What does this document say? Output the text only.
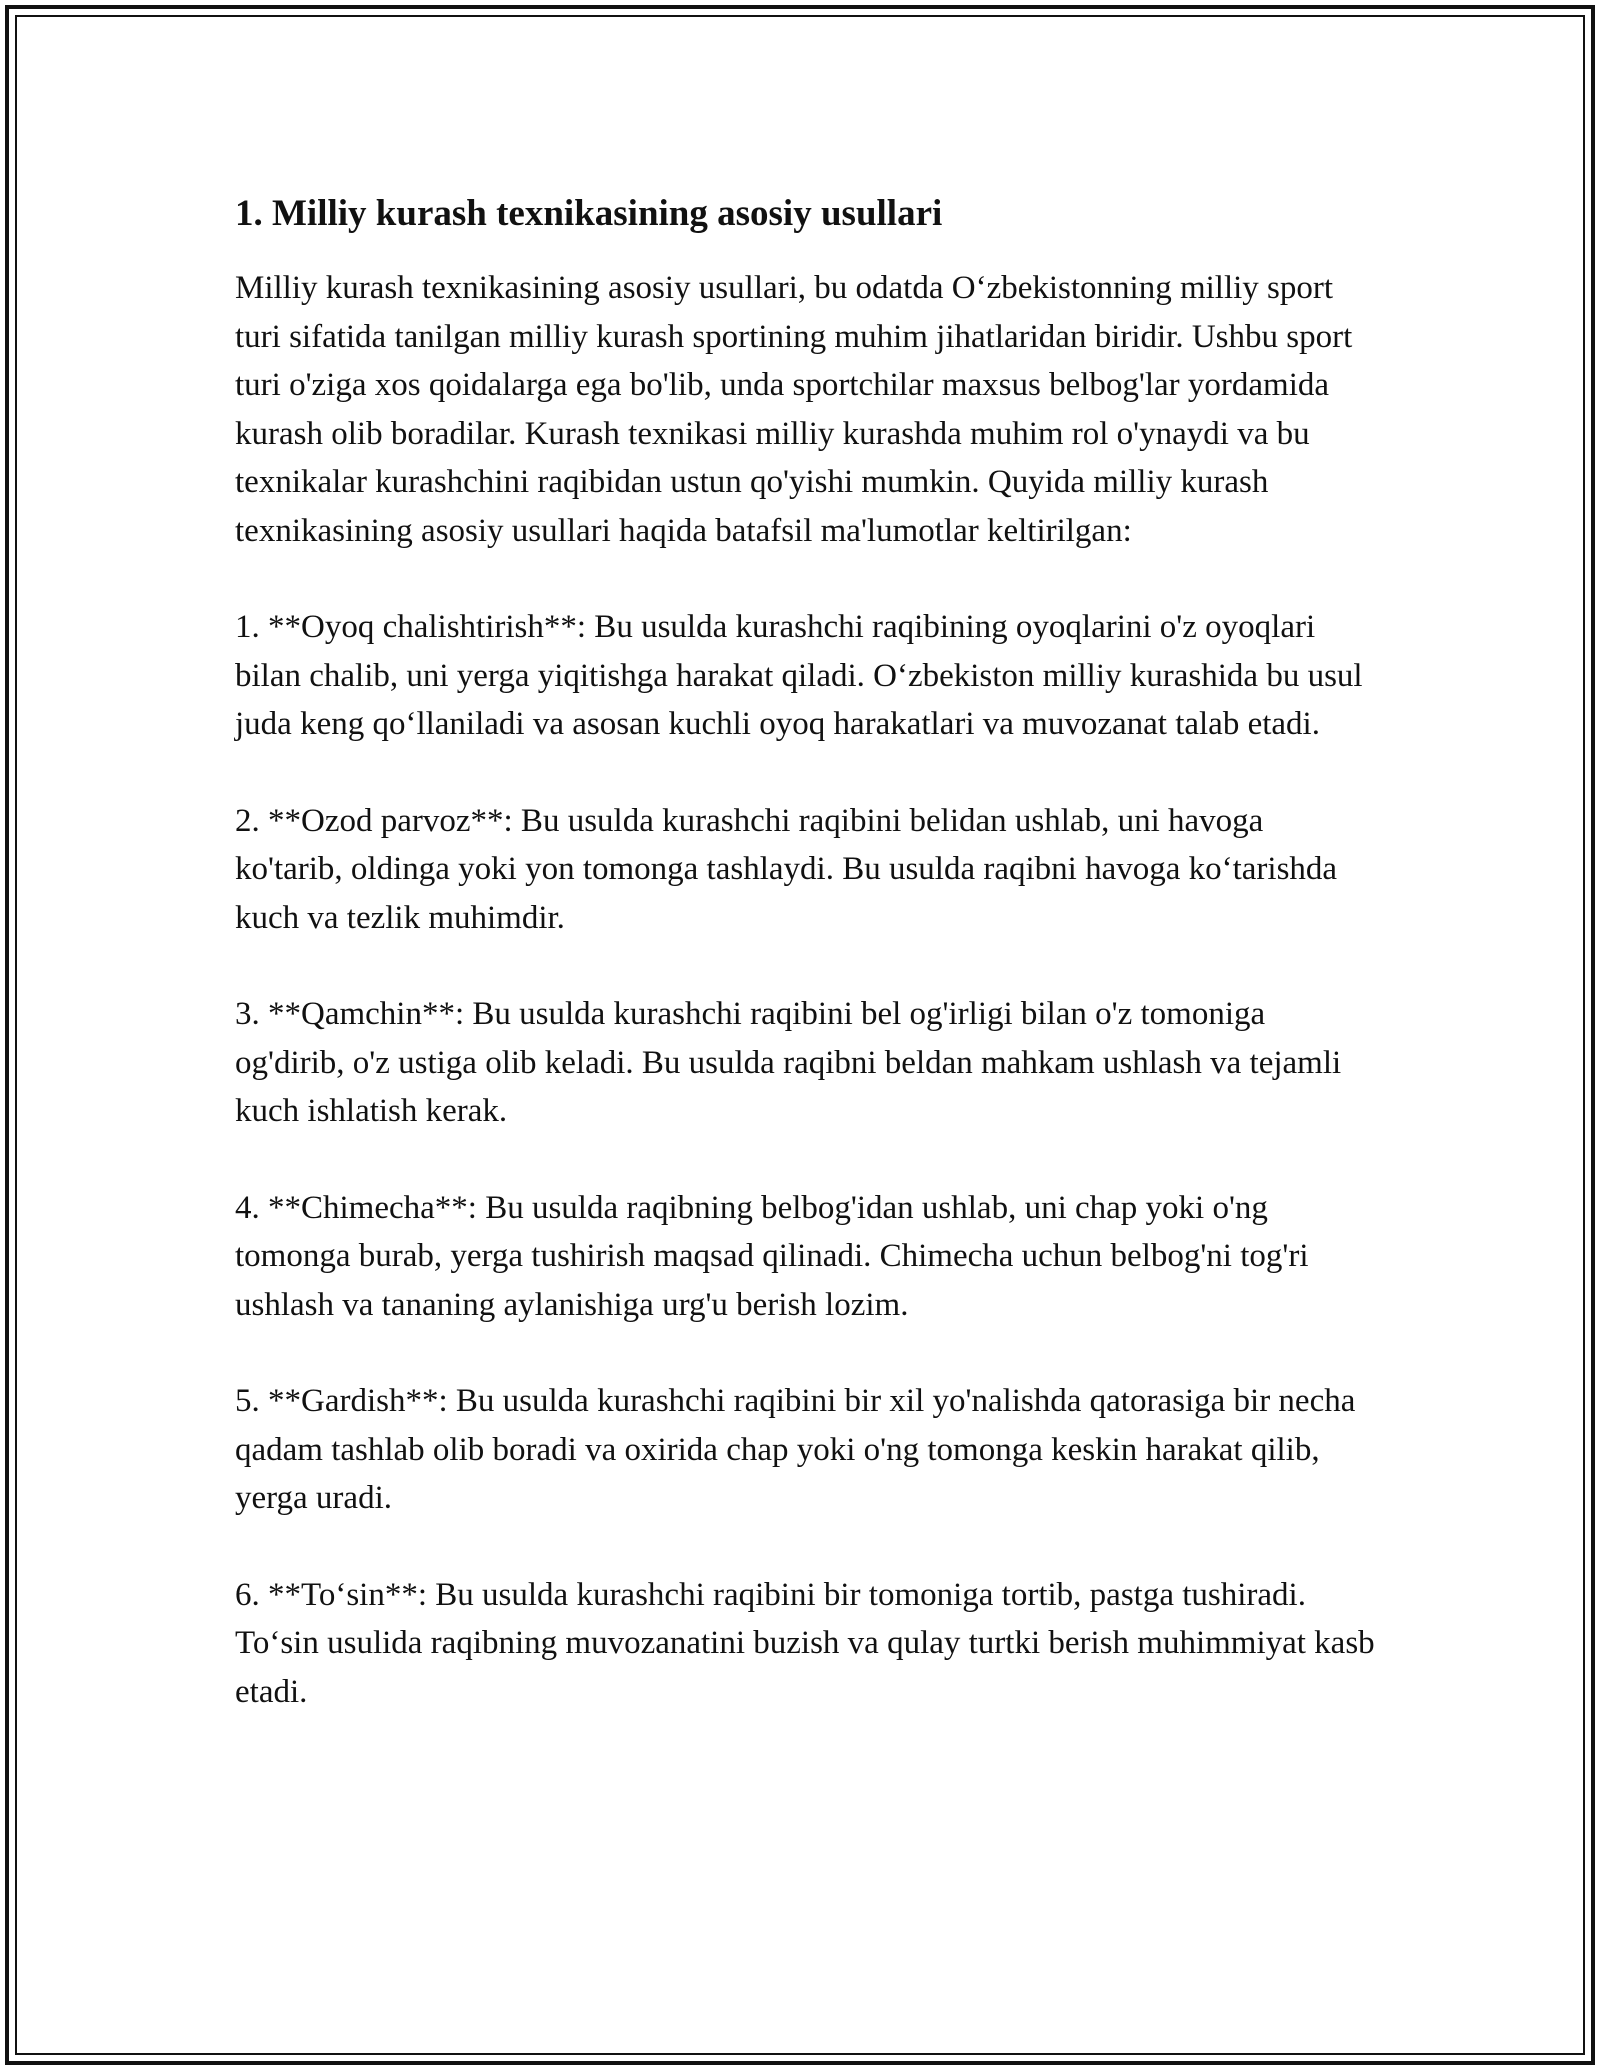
1. Milliy kurash texnikasining asosiy usullari

Milliy kurash texnikasining asosiy usullari, bu odatda O‘zbekistonning milliy sport turi sifatida tanilgan milliy kurash sportining muhim jihatlaridan biridir. Ushbu sport turi o'ziga xos qoidalarga ega bo'lib, unda sportchilar maxsus belbog'lar yordamida kurash olib boradilar. Kurash texnikasi milliy kurashda muhim rol o'ynaydi va bu texnikalar kurashchini raqibidan ustun qo'yishi mumkin. Quyida milliy kurash texnikasining asosiy usullari haqida batafsil ma'lumotlar keltirilgan:

1. **Oyoq chalishtirish**: Bu usulda kurashchi raqibining oyoqlarini o'z oyoqlari bilan chalib, uni yerga yiqitishga harakat qiladi. O‘zbekiston milliy kurashida bu usul juda keng qo‘llaniladi va asosan kuchli oyoq harakatlari va muvozanat talab etadi.

2. **Ozod parvoz**: Bu usulda kurashchi raqibini belidan ushlab, uni havoga ko'tarib, oldinga yoki yon tomonga tashlaydi. Bu usulda raqibni havoga ko‘tarishda kuch va tezlik muhimdir.

3. **Qamchin**: Bu usulda kurashchi raqibini bel og'irligi bilan o'z tomoniga og'dirib, o'z ustiga olib keladi. Bu usulda raqibni beldan mahkam ushlash va tejamli kuch ishlatish kerak.

4. **Chimecha**: Bu usulda raqibning belbog'idan ushlab, uni chap yoki o'ng tomonga burab, yerga tushirish maqsad qilinadi. Chimecha uchun belbog'ni tog'ri ushlash va tananing aylanishiga urg'u berish lozim.

5. **Gardish**: Bu usulda kurashchi raqibini bir xil yo'nalishda qatorasiga bir necha qadam tashlab olib boradi va oxirida chap yoki o'ng tomonga keskin harakat qilib, yerga uradi.

6. **To‘sin**: Bu usulda kurashchi raqibini bir tomoniga tortib, pastga tushiradi. To‘sin usulida raqibning muvozanatini buzish va qulay turtki berish muhimmiyat kasb etadi.
